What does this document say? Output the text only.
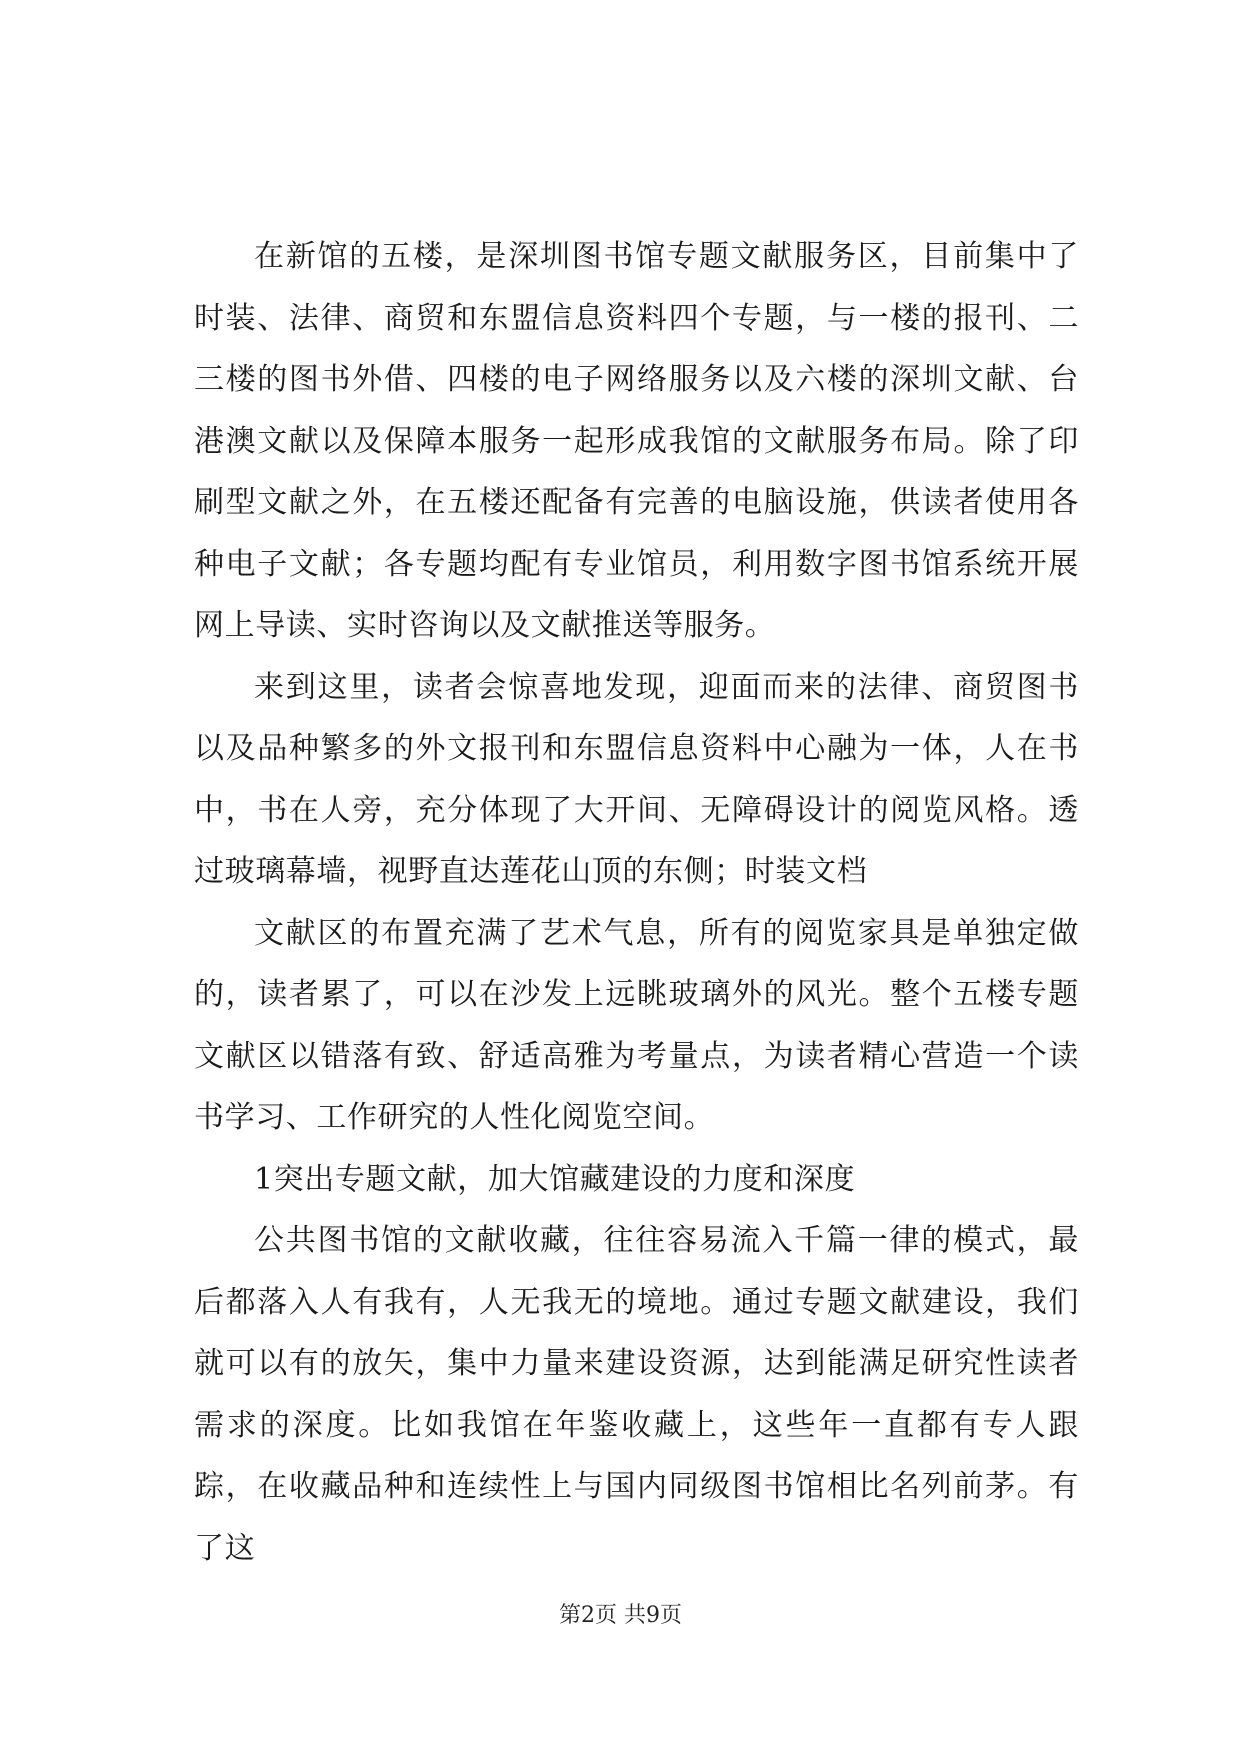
在新馆的五楼，是深圳图书馆专题文献服务区，目前集中了时装、法律、商贸和东盟信息资料四个专题，与一楼的报刊、二三楼的图书外借、四楼的电子网络服务以及六楼的深圳文献、台港澳文献以及保障本服务一起形成我馆的文献服务布局。除了印刷型文献之外，在五楼还配备有完善的电脑设施，供读者使用各种电子文献；各专题均配有专业馆员，利用数字图书馆系统开展网上导读、实时咨询以及文献推送等服务。

来到这里，读者会惊喜地发现，迎面而来的法律、商贸图书以及品种繁多的外文报刊和东盟信息资料中心融为一体，人在书中，书在人旁，充分体现了大开间、无障碍设计的阅览风格。透过玻璃幕墙，视野直达莲花山顶的东侧；时装文档

文献区的布置充满了艺术气息，所有的阅览家具是单独定做的，读者累了，可以在沙发上远眺玻璃外的风光。整个五楼专题文献区以错落有致、舒适高雅为考量点，为读者精心营造一个读书学习、工作研究的人性化阅览空间。

1突出专题文献，加大馆藏建设的力度和深度

公共图书馆的文献收藏，往往容易流入千篇一律的模式，最后都落入人有我有，人无我无的境地。通过专题文献建设，我们就可以有的放矢，集中力量来建设资源，达到能满足研究性读者需求的深度。比如我馆在年鉴收藏上，这些年一直都有专人跟踪，在收藏品种和连续性上与国内同级图书馆相比名列前茅。有了这

第2页 共9页
